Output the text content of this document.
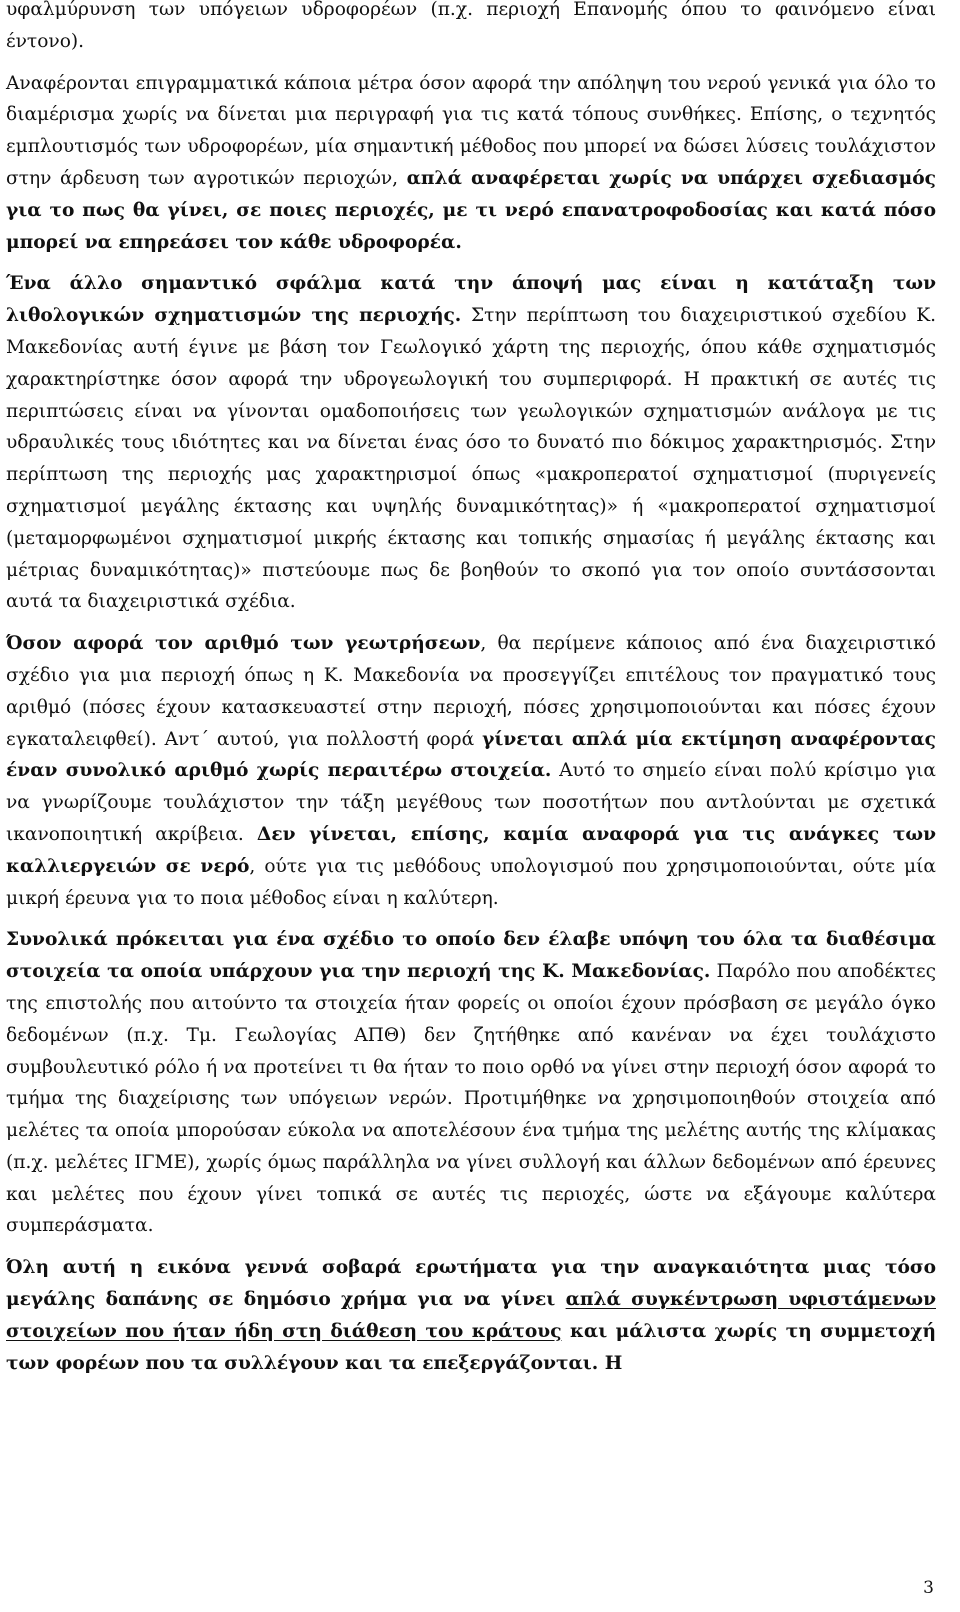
υφαλμύρυνση των υπόγειων υδροφορέων (π.χ. περιοχή Επανομής όπου το φαινόμενο είναι έντονο).

Αναφέρονται επιγραμματικά κάποια μέτρα όσον αφορά την απόληψη του νερού γενικά για όλο το διαμέρισμα χωρίς να δίνεται μια περιγραφή για τις κατά τόπους συνθήκες. Επίσης, ο τεχνητός εμπλουτισμός των υδροφορέων, μία σημαντική μέθοδος που μπορεί να δώσει λύσεις τουλάχιστον στην άρδευση των αγροτικών περιοχών, απλά αναφέρεται χωρίς να υπάρχει σχεδιασμός για το πως θα γίνει, σε ποιες περιοχές, με τι νερό επανατροφοδοσίας και κατά πόσο μπορεί να επηρεάσει τον κάθε υδροφορέα.

Ένα άλλο σημαντικό σφάλμα κατά την άποψή μας είναι η κατάταξη των λιθολογικών σχηματισμών της περιοχής. Στην περίπτωση του διαχειριστικού σχεδίου Κ. Μακεδονίας αυτή έγινε με βάση τον Γεωλογικό χάρτη της περιοχής, όπου κάθε σχηματισμός χαρακτηρίστηκε όσον αφορά την υδρογεωλογική του συμπεριφορά. Η πρακτική σε αυτές τις περιπτώσεις είναι να γίνονται ομαδοποιήσεις των γεωλογικών σχηματισμών ανάλογα με τις υδραυλικές τους ιδιότητες και να δίνεται ένας όσο το δυνατό πιο δόκιμος χαρακτηρισμός. Στην περίπτωση της περιοχής μας χαρακτηρισμοί όπως «μακροπερατοί σχηματισμοί (πυριγενείς σχηματισμοί μεγάλης έκτασης και υψηλής δυναμικότητας)» ή «μακροπερατοί σχηματισμοί (μεταμορφωμένοι σχηματισμοί μικρής έκτασης και τοπικής σημασίας ή μεγάλης έκτασης και μέτριας δυναμικότητας)» πιστεύουμε πως δε βοηθούν το σκοπό για τον οποίο συντάσσονται αυτά τα διαχειριστικά σχέδια.

Όσον αφορά τον αριθμό των γεωτρήσεων, θα περίμενε κάποιος από ένα διαχειριστικό σχέδιο για μια περιοχή όπως η Κ. Μακεδονία να προσεγγίζει επιτέλους τον πραγματικό τους αριθμό (πόσες έχουν κατασκευαστεί στην περιοχή, πόσες χρησιμοποιούνται και πόσες έχουν εγκαταλειφθεί). Αντ΄ αυτού, για πολλοστή φορά γίνεται απλά μία εκτίμηση αναφέροντας έναν συνολικό αριθμό χωρίς περαιτέρω στοιχεία. Αυτό το σημείο είναι πολύ κρίσιμο για να γνωρίζουμε τουλάχιστον την τάξη μεγέθους των ποσοτήτων που αντλούνται με σχετικά ικανοποιητική ακρίβεια. Δεν γίνεται, επίσης, καμία αναφορά για τις ανάγκες των καλλιεργειών σε νερό, ούτε για τις μεθόδους υπολογισμού που χρησιμοποιούνται, ούτε μία μικρή έρευνα για το ποια μέθοδος είναι η καλύτερη.

Συνολικά πρόκειται για ένα σχέδιο το οποίο δεν έλαβε υπόψη του όλα τα διαθέσιμα στοιχεία τα οποία υπάρχουν για την περιοχή της Κ. Μακεδονίας. Παρόλο που αποδέκτες της επιστολής που αιτούντο τα στοιχεία ήταν φορείς οι οποίοι έχουν πρόσβαση σε μεγάλο όγκο δεδομένων (π.χ. Τμ. Γεωλογίας ΑΠΘ) δεν ζητήθηκε από κανέναν να έχει τουλάχιστο συμβουλευτικό ρόλο ή να προτείνει τι θα ήταν το ποιο ορθό να γίνει στην περιοχή όσον αφορά το τμήμα της διαχείρισης των υπόγειων νερών. Προτιμήθηκε να χρησιμοποιηθούν στοιχεία από μελέτες τα οποία μπορούσαν εύκολα να αποτελέσουν ένα τμήμα της μελέτης αυτής της κλίμακας (π.χ. μελέτες ΙΓΜΕ), χωρίς όμως παράλληλα να γίνει συλλογή και άλλων δεδομένων από έρευνες και μελέτες που έχουν γίνει τοπικά σε αυτές τις περιοχές, ώστε να εξάγουμε καλύτερα συμπεράσματα.

Όλη αυτή η εικόνα γεννά σοβαρά ερωτήματα για την αναγκαιότητα μιας τόσο μεγάλης δαπάνης σε δημόσιο χρήμα για να γίνει απλά συγκέντρωση υφιστάμενων στοιχείων που ήταν ήδη στη διάθεση του κράτους και μάλιστα χωρίς τη συμμετοχή των φορέων που τα συλλέγουν και τα επεξεργάζονται. Η

3
